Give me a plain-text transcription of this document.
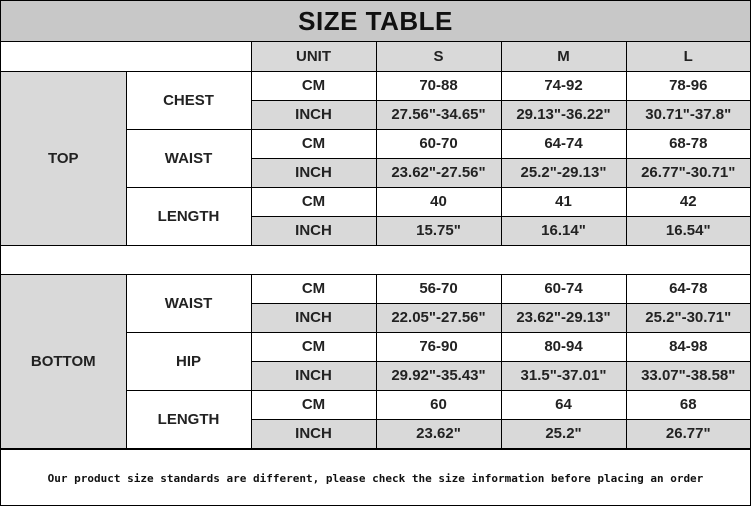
SIZE TABLE
		UNIT	S	M	L
TOP	CHEST	CM	70-88	74-92	78-96
		INCH	27.56"-34.65"	29.13"-36.22"	30.71"-37.8"
	WAIST	CM	60-70	64-74	68-78
		INCH	23.62"-27.56"	25.2"-29.13"	26.77"-30.71"
	LENGTH	CM	40	41	42
		INCH	15.75"	16.14"	16.54"

BOTTOM	WAIST	CM	56-70	60-74	64-78
		INCH	22.05"-27.56"	23.62"-29.13"	25.2"-30.71"
	HIP	CM	76-90	80-94	84-98
		INCH	29.92"-35.43"	31.5"-37.01"	33.07"-38.58"
	LENGTH	CM	60	64	68
		INCH	23.62"	25.2"	26.77"
Our product size standards are different, please check the size information before placing an order
